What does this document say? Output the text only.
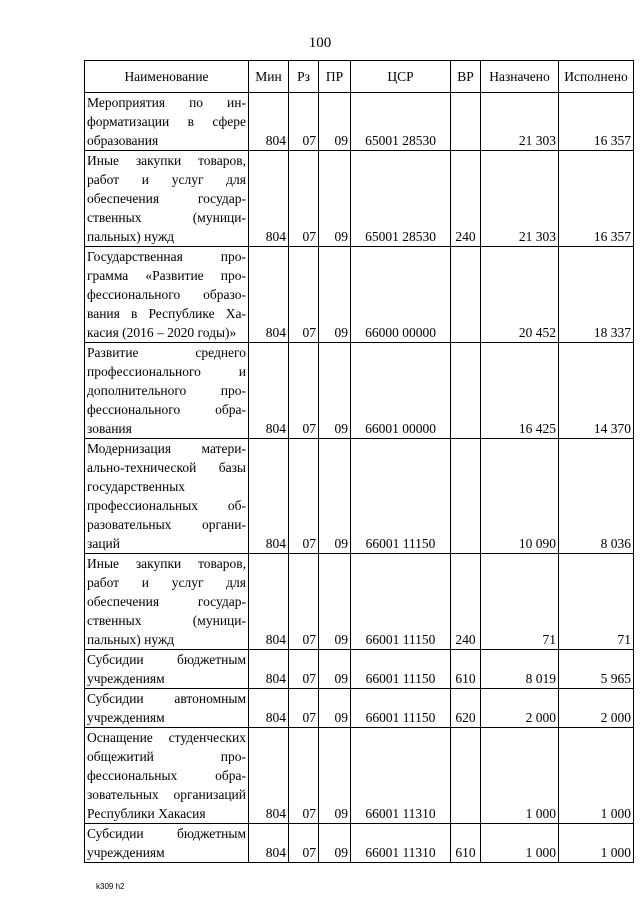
100
Наименование	Мин	Рз	ПР	ЦСР	ВР	Назначено	Исполнено
Мероприятия по информатизации в сфере образования	804	07	09	65001 28530		21 303	16 357
Иные закупки товаров, работ и услуг для обеспечения государственных (муниципальных) нужд	804	07	09	65001 28530	240	21 303	16 357
Государственная программа «Развитие профессионального образования в Республике Хакасия (2016 – 2020 годы)»	804	07	09	66000 00000		20 452	18 337
Развитие среднего профессионального и дополнительного профессионального образования	804	07	09	66001 00000		16 425	14 370
Модернизация материально-технической базы государственных профессиональных образовательных организаций	804	07	09	66001 11150		10 090	8 036
Иные закупки товаров, работ и услуг для обеспечения государственных (муниципальных) нужд	804	07	09	66001 11150	240	71	71
Субсидии бюджетным учреждениям	804	07	09	66001 11150	610	8 019	5 965
Субсидии автономным учреждениям	804	07	09	66001 11150	620	2 000	2 000
Оснащение студенческих общежитий профессиональных образовательных организаций Республики Хакасия	804	07	09	66001 11310		1 000	1 000
Субсидии бюджетным учреждениям	804	07	09	66001 11310	610	1 000	1 000
k309 h2
